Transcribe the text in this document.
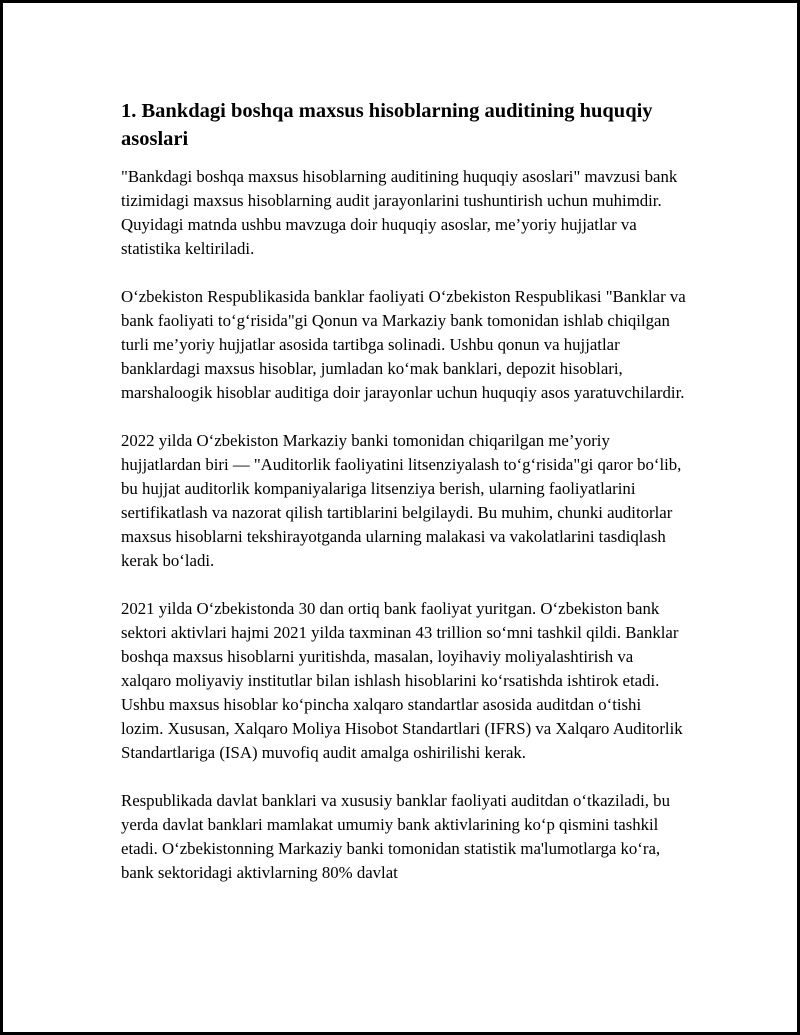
1. Bankdagi boshqa maxsus hisoblarning auditining huquqiy asoslari

"Bankdagi boshqa maxsus hisoblarning auditining huquqiy asoslari" mavzusi bank tizimidagi maxsus hisoblarning audit jarayonlarini tushuntirish uchun muhimdir. Quyidagi matnda ushbu mavzuga doir huquqiy asoslar, me’yoriy hujjatlar va statistika keltiriladi.

O‘zbekiston Respublikasida banklar faoliyati O‘zbekiston Respublikasi "Banklar va bank faoliyati to‘g‘risida"gi Qonun va Markaziy bank tomonidan ishlab chiqilgan turli me’yoriy hujjatlar asosida tartibga solinadi. Ushbu qonun va hujjatlar banklardagi maxsus hisoblar, jumladan ko‘mak banklari, depozit hisoblari, marshaloogik hisoblar auditiga doir jarayonlar uchun huquqiy asos yaratuvchilardir.

2022 yilda O‘zbekiston Markaziy banki tomonidan chiqarilgan me’yoriy hujjatlardan biri — "Auditorlik faoliyatini litsenziyalash to‘g‘risida"gi qaror bo‘lib, bu hujjat auditorlik kompaniyalariga litsenziya berish, ularning faoliyatlarini sertifikatlash va nazorat qilish tartiblarini belgilaydi. Bu muhim, chunki auditorlar maxsus hisoblarni tekshirayotganda ularning malakasi va vakolatlarini tasdiqlash kerak bo‘ladi.

2021 yilda O‘zbekistonda 30 dan ortiq bank faoliyat yuritgan. O‘zbekiston bank sektori aktivlari hajmi 2021 yilda taxminan 43 trillion so‘mni tashkil qildi. Banklar boshqa maxsus hisoblarni yuritishda, masalan, loyihaviy moliyalashtirish va xalqaro moliyaviy institutlar bilan ishlash hisoblarini ko‘rsatishda ishtirok etadi. Ushbu maxsus hisoblar ko‘pincha xalqaro standartlar asosida auditdan o‘tishi lozim. Xususan, Xalqaro Moliya Hisobot Standartlari (IFRS) va Xalqaro Auditorlik Standartlariga (ISA) muvofiq audit amalga oshirilishi kerak.

Respublikada davlat banklari va xususiy banklar faoliyati auditdan o‘tkaziladi, bu yerda davlat banklari mamlakat umumiy bank aktivlarining ko‘p qismini tashkil etadi. O‘zbekistonning Markaziy banki tomonidan statistik ma'lumotlarga ko‘ra, bank sektoridagi aktivlarning 80% davlat
